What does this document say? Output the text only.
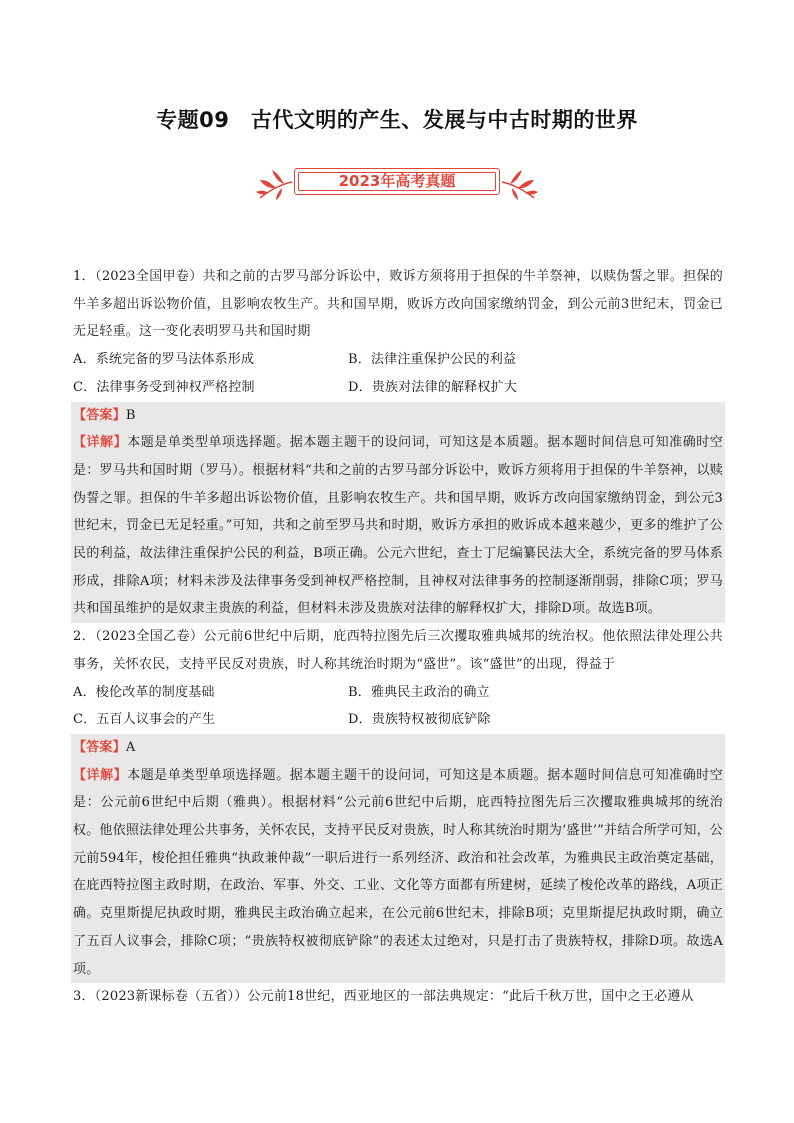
专题09　古代文明的产生、发展与中古时期的世界
2023年高考真题

1．（2023全国甲卷）共和之前的古罗马部分诉讼中，败诉方须将用于担保的牛羊祭神，以赎伪誓之罪。担保的牛羊多超出诉讼物价值，且影响农牧生产。共和国早期，败诉方改向国家缴纳罚金，到公元前3世纪末，罚金已无足轻重。这一变化表明罗马共和国时期

A．系统完备的罗马法体系形成	B．法律注重保护公民的利益
C．法律事务受到神权严格控制	D．贵族对法律的解释权扩大

【答案】B

【详解】本题是单类型单项选择题。据本题主题干的设问词，可知这是本质题。据本题时间信息可知准确时空是：罗马共和国时期（罗马）。根据材料“共和之前的古罗马部分诉讼中，败诉方须将用于担保的牛羊祭神，以赎伪誓之罪。担保的牛羊多超出诉讼物价值，且影响农牧生产。共和国早期，败诉方改向国家缴纳罚金，到公元3世纪末，罚金已无足轻重。”可知，共和之前至罗马共和时期，败诉方承担的败诉成本越来越少，更多的维护了公民的利益，故法律注重保护公民的利益，B项正确。公元六世纪，查士丁尼编纂民法大全，系统完备的罗马体系形成，排除A项；材料未涉及法律事务受到神权严格控制，且神权对法律事务的控制逐渐削弱，排除C项；罗马共和国虽维护的是奴隶主贵族的利益，但材料未涉及贵族对法律的解释权扩大，排除D项。故选B项。

2．（2023全国乙卷）公元前6世纪中后期，庇西特拉图先后三次攫取雅典城邦的统治权。他依照法律处理公共事务，关怀农民，支持平民反对贵族，时人称其统治时期为“盛世”。该“盛世”的出现，得益于

A．梭伦改革的制度基础	B．雅典民主政治的确立
C．五百人议事会的产生	D．贵族特权被彻底铲除

【答案】A

【详解】本题是单类型单项选择题。据本题主题干的设问词，可知这是本质题。据本题时间信息可知准确时空是：公元前6世纪中后期（雅典）。根据材料“公元前6世纪中后期，庇西特拉图先后三次攫取雅典城邦的统治权。他依照法律处理公共事务，关怀农民，支持平民反对贵族，时人称其统治时期为‘盛世’”并结合所学可知，公元前594年，梭伦担任雅典“执政兼仲裁”一职后进行一系列经济、政治和社会改革，为雅典民主政治奠定基础，在庇西特拉图主政时期，在政治、军事、外交、工业、文化等方面都有所建树，延续了梭伦改革的路线，A项正确。克里斯提尼执政时期，雅典民主政治确立起来，在公元前6世纪末，排除B项；克里斯提尼执政时期，确立了五百人议事会，排除C项；“贵族特权被彻底铲除”的表述太过绝对，只是打击了贵族特权，排除D项。故选A项。

3．（2023新课标卷（五省））公元前18世纪，西亚地区的一部法典规定：“此后千秋万世，国中之王必遵从
